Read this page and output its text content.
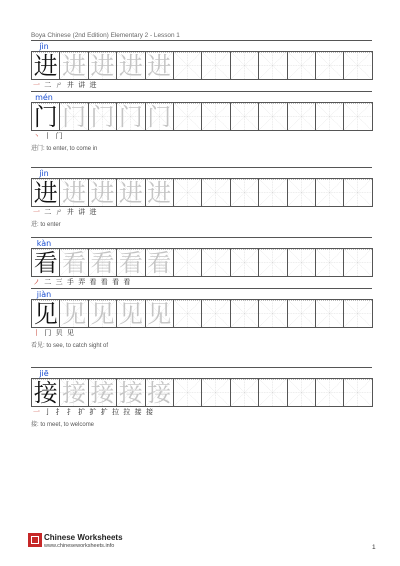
Boya Chinese (2nd Edition) Elementary 2 - Lesson 1
jìn
进 进 进 进 进
一 二 ㄕ 井 讲 进
mén
门 门 门 门 门
丶 丨 门
进门: to enter, to come in
jìn
进 进 进 进 进
一 二 ㄕ 井 讲 进
进: to enter
kàn
看 看 看 看 看
ノ 二 三 手 弄 看 看 看 看
jiàn
见 见 见 见 见
丨 冂 贝 见
看见: to see, to catch sight of
jiē
接 接 接 接 接
一 亅 扌 扌 扩 扩 扩 拉 拉 接 接
接: to meet, to welcome
Chinese Worksheets
www.chineseworksheets.info	1
